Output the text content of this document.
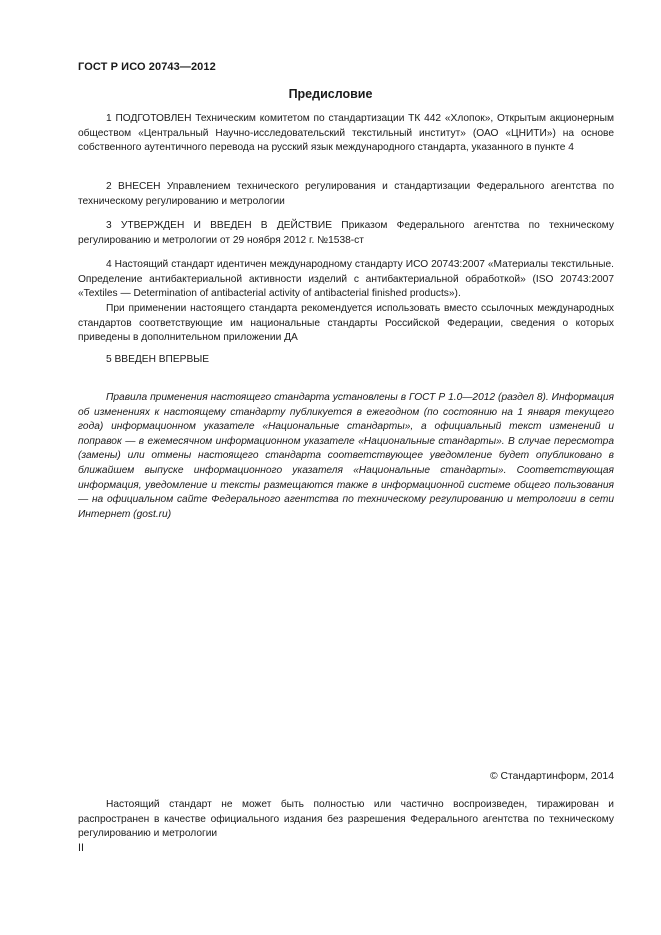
ГОСТ Р ИСО 20743—2012
Предисловие
1 ПОДГОТОВЛЕН Техническим комитетом по стандартизации ТК 442 «Хлопок», Открытым акционерным обществом «Центральный Научно-исследовательский текстильный институт» (ОАО «ЦНИТИ») на основе собственного аутентичного перевода на русский язык международного стандарта, указанного в пункте 4
2 ВНЕСЕН Управлением технического регулирования и стандартизации Федерального агентства по техническому регулированию и метрологии
3 УТВЕРЖДЕН И ВВЕДЕН В ДЕЙСТВИЕ Приказом Федерального агентства по техническому регулированию и метрологии от 29 ноября 2012 г. №1538-ст
4 Настоящий стандарт идентичен международному стандарту ИСО 20743:2007 «Материалы текстильные. Определение антибактериальной активности изделий с антибактериальной обработкой» (ISO 20743:2007 «Textiles — Determination of antibacterial activity of antibacterial finished products»).
При применении настоящего стандарта рекомендуется использовать вместо ссылочных международных стандартов соответствующие им национальные стандарты Российской Федерации, сведения о которых приведены в дополнительном приложении ДА
5 ВВЕДЕН ВПЕРВЫЕ
Правила применения настоящего стандарта установлены в ГОСТ Р 1.0—2012 (раздел 8). Информация об изменениях к настоящему стандарту публикуется в ежегодном (по состоянию на 1 января текущего года) информационном указателе «Национальные стандарты», а официальный текст изменений и поправок — в ежемесячном информационном указателе «Национальные стандарты». В случае пересмотра (замены) или отмены настоящего стандарта соответствующее уведомление будет опубликовано в ближайшем выпуске информационного указателя «Национальные стандарты». Соответствующая информация, уведомление и тексты размещаются также в информационной системе общего пользования — на официальном сайте Федерального агентства по техническому регулированию и метрологии в сети Интернет (gost.ru)
© Стандартинформ, 2014
Настоящий стандарт не может быть полностью или частично воспроизведен, тиражирован и распространен в качестве официального издания без разрешения Федерального агентства по техническому регулированию и метрологии
II
